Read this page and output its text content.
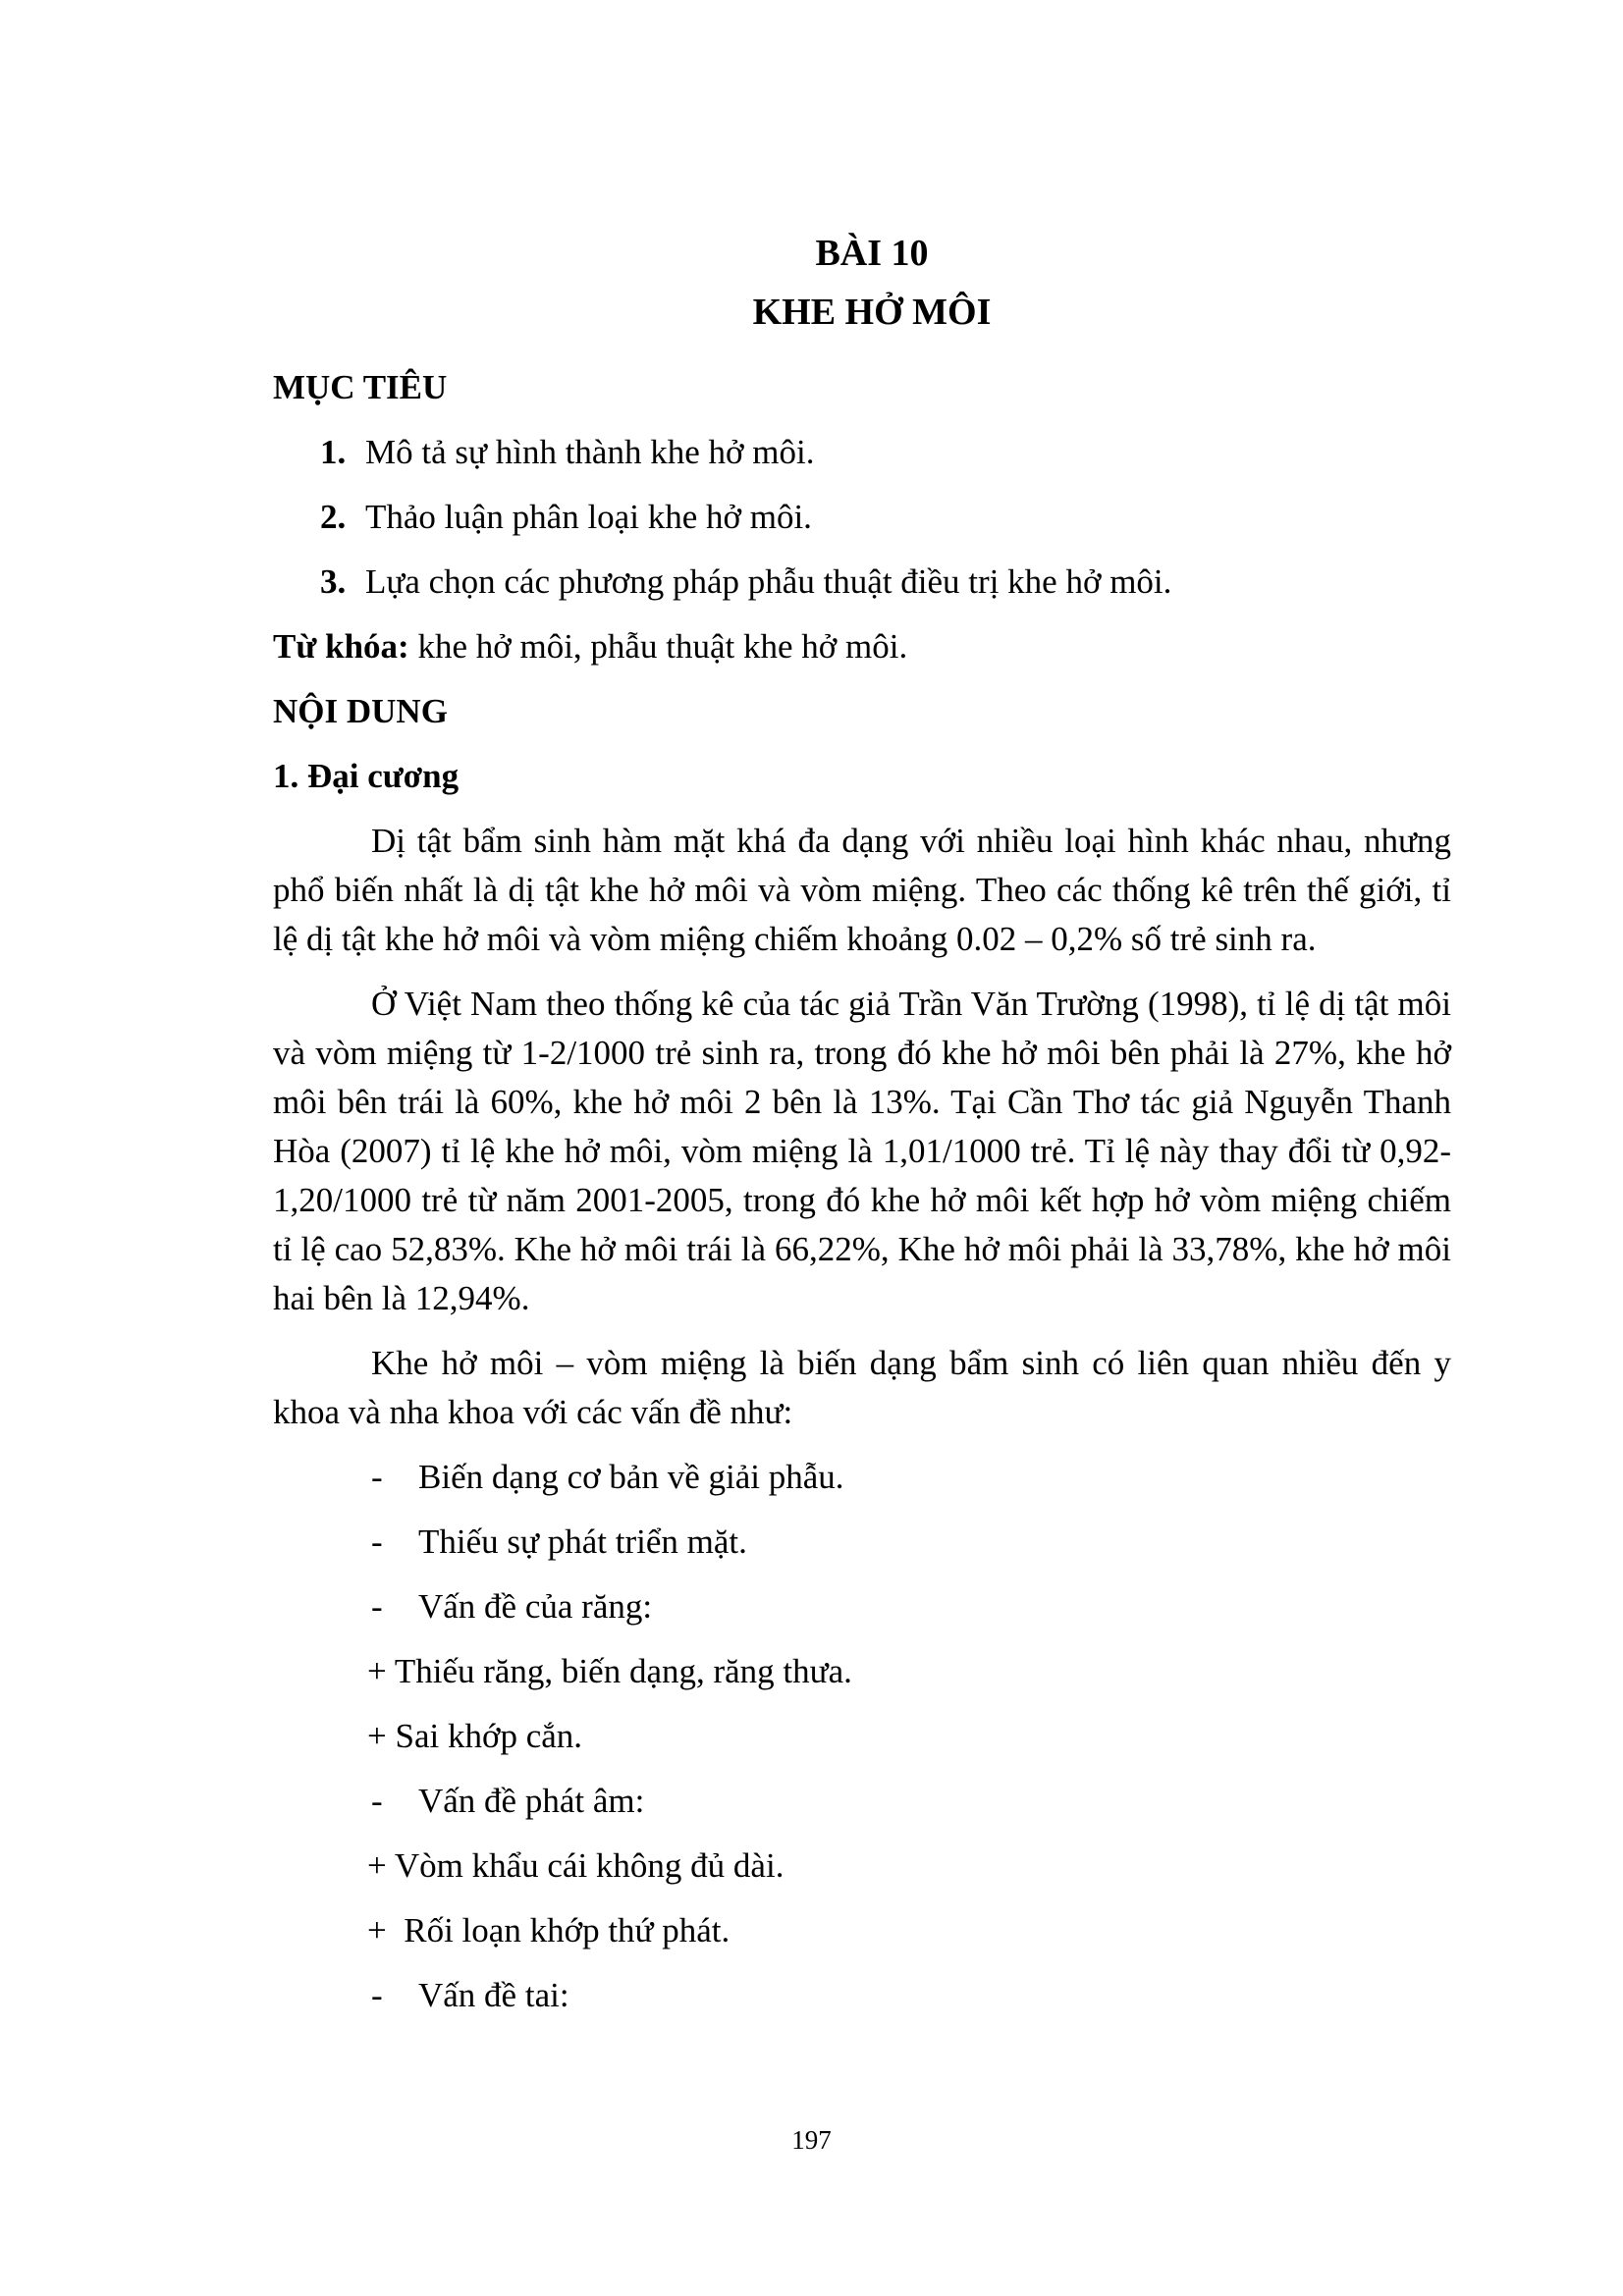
BÀI 10

KHE HỞ MÔI

MỤC TIÊU

1. Mô tả sự hình thành khe hở môi.
2. Thảo luận phân loại khe hở môi.
3. Lựa chọn các phương pháp phẫu thuật điều trị khe hở môi.

Từ khóa: khe hở môi, phẫu thuật khe hở môi.

NỘI DUNG

1. Đại cương

Dị tật bẩm sinh hàm mặt khá đa dạng với nhiều loại hình khác nhau, nhưng phổ biến nhất là dị tật khe hở môi và vòm miệng. Theo các thống kê trên thế giới, tỉ lệ dị tật khe hở môi và vòm miệng chiếm khoảng 0.02 – 0,2% số trẻ sinh ra.

Ở Việt Nam theo thống kê của tác giả Trần Văn Trường (1998), tỉ lệ dị tật môi và vòm miệng từ 1-2/1000 trẻ sinh ra, trong đó khe hở môi bên phải là 27%, khe hở môi bên trái là 60%, khe hở môi 2 bên là 13%. Tại Cần Thơ tác giả Nguyễn Thanh Hòa (2007) tỉ lệ khe hở môi, vòm miệng là 1,01/1000 trẻ. Tỉ lệ này thay đổi từ 0,92-1,20/1000 trẻ từ năm 2001-2005, trong đó khe hở môi kết hợp hở vòm miệng chiếm tỉ lệ cao 52,83%. Khe hở môi trái là 66,22%, Khe hở môi phải là 33,78%, khe hở môi hai bên là 12,94%.

Khe hở môi – vòm miệng là biến dạng bẩm sinh có liên quan nhiều đến y khoa và nha khoa với các vấn đề như:

- Biến dạng cơ bản về giải phẫu.

- Thiếu sự phát triển mặt.

- Vấn đề của răng:

+ Thiếu răng, biến dạng, răng thưa.

+ Sai khớp cắn.

- Vấn đề phát âm:

+ Vòm khẩu cái không đủ dài.

+  Rối loạn khớp thứ phát.

- Vấn đề tai:

197
